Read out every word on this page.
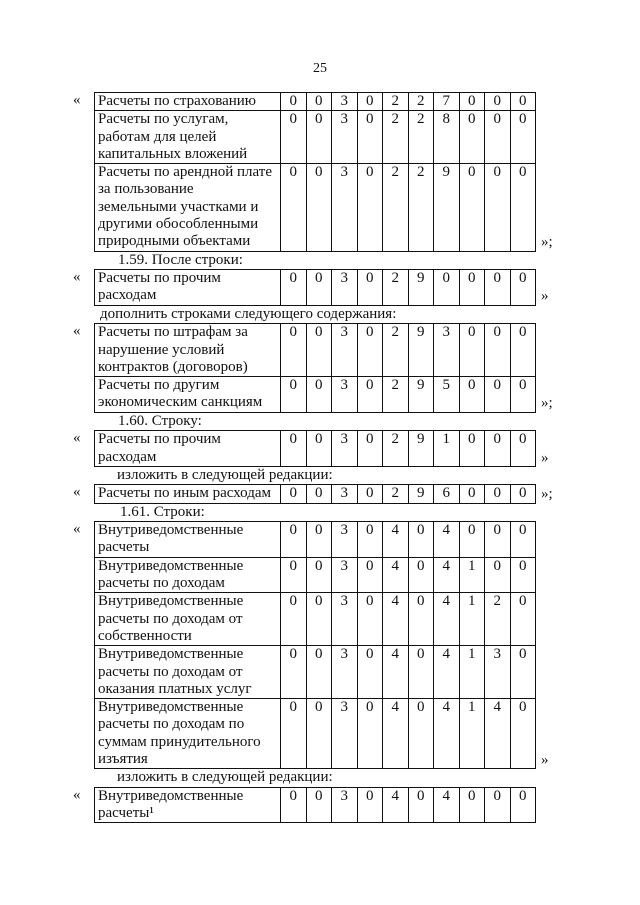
25
« Расчеты по страхованию	0	0	3	0	2	2	7	0	0	0

Расчеты по услугам,
работам для целей
капитальных вложений	0	0	3	0	2	2	8	0	0	0

Расчеты по арендной плате
за пользование
земельными участками и
другими обособленными
природными объектами	0	0	3	0	2	2	9	0	0	0
»;
1.59. После строки:
« Расчеты по прочим
расходам
	0	0	3	0	2	9	0	0	0	0
»
дополнить строками следующего содержания:
« Расчеты по штрафам за
нарушение условий
контрактов (договоров)	0	0	3	0	2	9	3	0	0	0

Расчеты по другим
экономическим санкциям	0	0	3	0	2	9	5	0	0	0
»;
1.60. Строку:
« Расчеты по прочим
расходам
	0	0	3	0	2	9	1	0	0	0
»
изложить в следующей редакции:
« Расчеты по иным расходам	0	0	3	0	2	9	6	0	0	0 »;
1.61. Строки:
« Внутриведомственные
расчеты	0	0	3	0	4	0	4	0	0	0

Внутриведомственные
расчеты по доходам	0	0	3	0	4	0	4	1	0	0

Внутриведомственные
расчеты по доходам от
собственности	0	0	3	0	4	0	4	1	2	0

Внутриведомственные
расчеты по доходам от
оказания платных услуг	0	0	3	0	4	0	4	1	3	0

Внутриведомственные
расчеты по доходам по
суммам принудительного
изъятия	0	0	3	0	4	0	4	1	4	0
»
изложить в следующей редакции:
« Внутриведомственные
расчеты¹
	0	0	3	0	4	0	4	0	0	0
